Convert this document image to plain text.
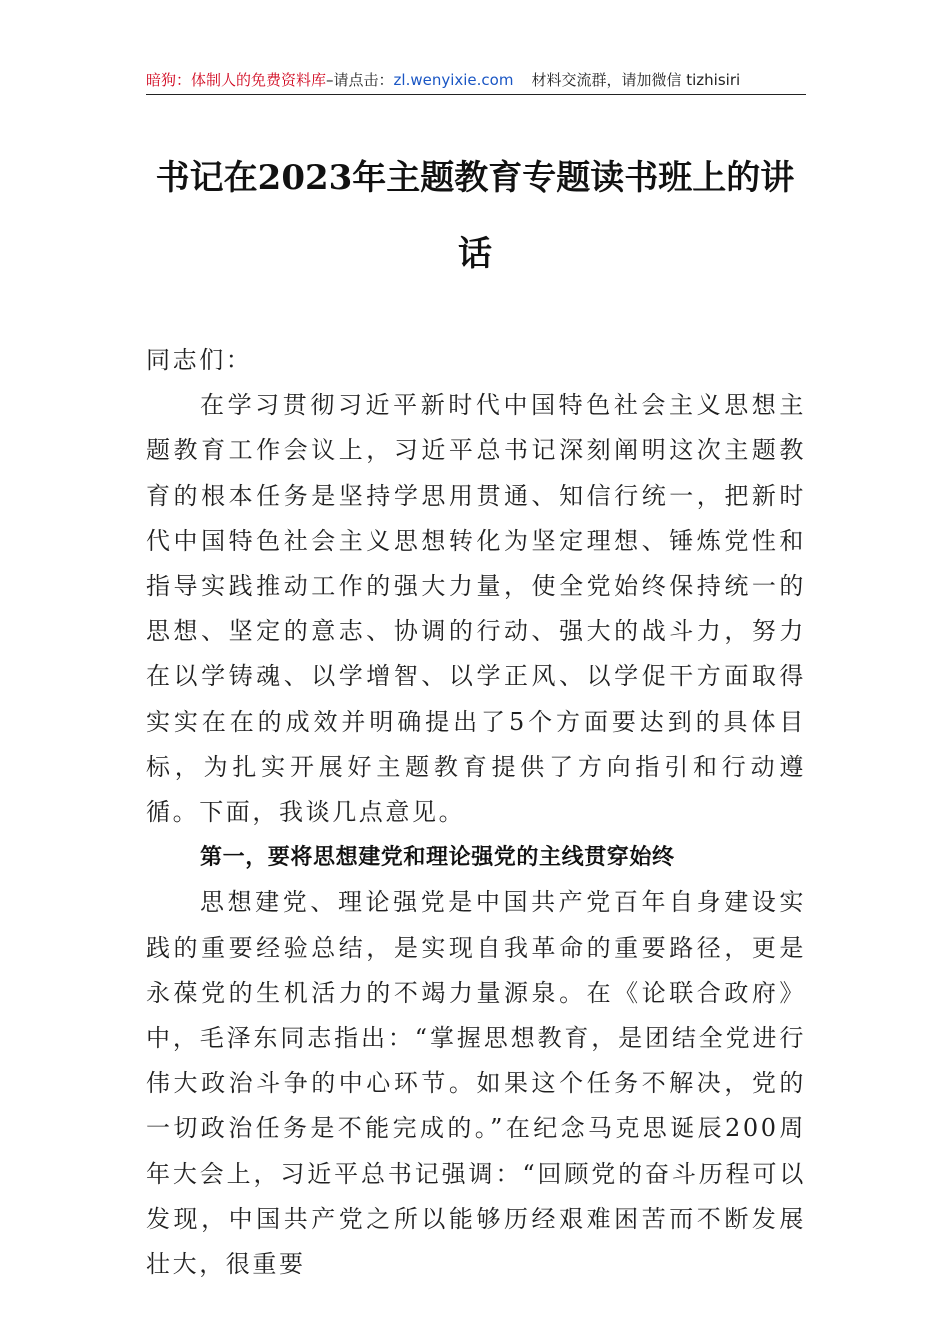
暗狗：体制人的免费资料库–请点击：zl.wenyixie.com 材料交流群，请加微信 tizhisiri
书记在2023年主题教育专题读书班上的讲
话

同志们：

在学习贯彻习近平新时代中国特色社会主义思想主题教育工作会议上，习近平总书记深刻阐明这次主题教育的根本任务是坚持学思用贯通、知信行统一，把新时代中国特色社会主义思想转化为坚定理想、锤炼党性和指导实践推动工作的强大力量，使全党始终保持统一的思想、坚定的意志、协调的行动、强大的战斗力，努力在以学铸魂、以学增智、以学正风、以学促干方面取得实实在在的成效并明确提出了5个方面要达到的具体目标，为扎实开展好主题教育提供了方向指引和行动遵循。下面，我谈几点意见。

第一，要将思想建党和理论强党的主线贯穿始终

思想建党、理论强党是中国共产党百年自身建设实践的重要经验总结，是实现自我革命的重要路径，更是永葆党的生机活力的不竭力量源泉。在《论联合政府》中，毛泽东同志指出：“掌握思想教育，是团结全党进行伟大政治斗争的中心环节。如果这个任务不解决，党的一切政治任务是不能完成的。”在纪念马克思诞辰200周年大会上，习近平总书记强调：“回顾党的奋斗历程可以发现，中国共产党之所以能够历经艰难困苦而不断发展壮大，很重要
